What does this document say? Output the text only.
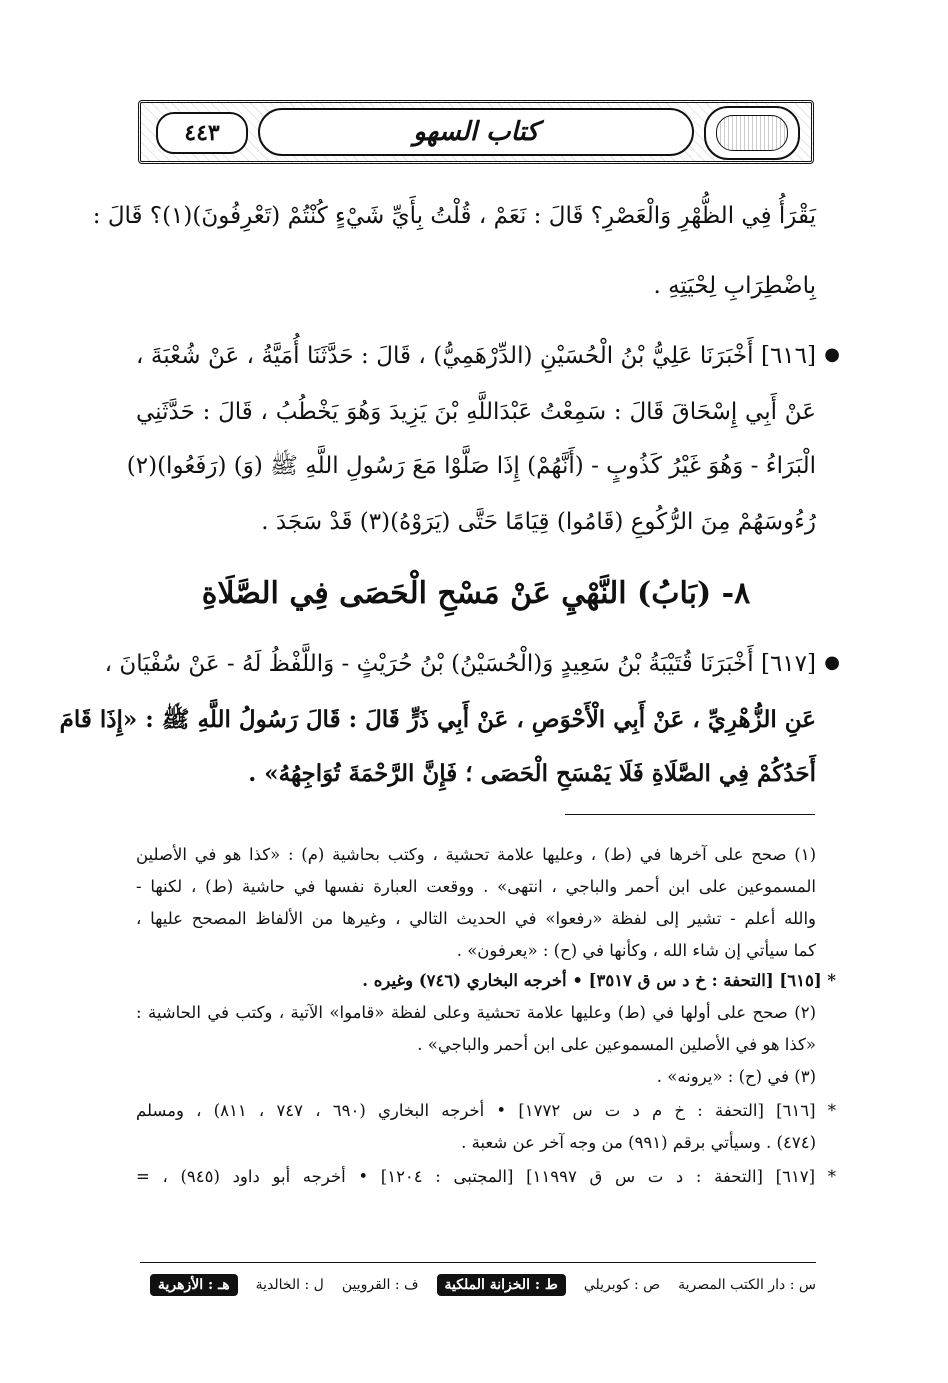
كتاب السهو
٤٤٣
يَقْرَأُ فِي الظُّهْرِ وَالْعَصْرِ؟ قَالَ : نَعَمْ ، قُلْتُ بِأَيِّ شَيْءٍ كُنْتُمْ (تَعْرِفُونَ)(١)؟ قَالَ :
بِاضْطِرَابِ لِحْيَتِهِ .
●
[٦١٦] أَخْبَرَنَا عَلِيُّ بْنُ الْحُسَيْنِ (الدِّرْهَمِيُّ) ، قَالَ : حَدَّثَنَا أُمَيَّةُ ، عَنْ شُعْبَةَ ،
عَنْ أَبِي إِسْحَاقَ قَالَ : سَمِعْتُ عَبْدَاللَّهِ بْنَ يَزِيدَ وَهُوَ يَخْطُبُ ، قَالَ : حَدَّثَنِي
الْبَرَاءُ - وَهُوَ غَيْرُ كَذُوبٍ - (أَنَّهُمْ) إِذَا صَلَّوْا مَعَ رَسُولِ اللَّهِ ﷺ (وَ) (رَفَعُوا)(٢)
رُءُوسَهُمْ مِنَ الرُّكُوعِ (قَامُوا) قِيَامًا حَتَّى (يَرَوْهُ)(٣) قَدْ سَجَدَ .
٨- (بَابُ) النَّهْيِ عَنْ مَسْحِ الْحَصَى فِي الصَّلَاةِ
●
[٦١٧] أَخْبَرَنَا قُتَيْبَةُ بْنُ سَعِيدٍ وَ(الْحُسَيْنُ) بْنُ حُرَيْثٍ - وَاللَّفْظُ لَهُ - عَنْ سُفْيَانَ ،
عَنِ الزُّهْرِيِّ ، عَنْ أَبِي الْأَحْوَصِ ، عَنْ أَبِي ذَرٍّ قَالَ : قَالَ رَسُولُ اللَّهِ ﷺ : «إِذَا قَامَ
أَحَدُكُمْ فِي الصَّلَاةِ فَلَا يَمْسَحِ الْحَصَى ؛ فَإِنَّ الرَّحْمَةَ تُوَاجِهُهُ» .
(١) صحح على آخرها في (ط) ، وعليها علامة تحشية ، وكتب بحاشية (م) : «كذا هو في الأصلين
المسموعين على ابن أحمر والباجي ، انتهى» . ووقعت العبارة نفسها في حاشية (ط) ، لكنها -
والله أعلم - تشير إلى لفظة «رفعوا» في الحديث التالي ، وغيرها من الألفاظ المصحح عليها ،
كما سيأتي إن شاء الله ، وكأنها في (ح) : «يعرفون» .
* [٦١٥] [التحفة : خ د س ق ٣٥١٧] • أخرجه البخاري (٧٤٦) وغيره .
(٢) صحح على أولها في (ط) وعليها علامة تحشية وعلى لفظة «قاموا» الآتية ، وكتب في الحاشية :
«كذا هو في الأصلين المسموعين على ابن أحمر والباجي» .
(٣) في (ح) : «يرونه» .
* [٦١٦] [التحفة : خ م د ت س ١٧٧٢] • أخرجه البخاري (٦٩٠ ، ٧٤٧ ، ٨١١) ، ومسلم
(٤٧٤) . وسيأتي برقم (٩٩١) من وجه آخر عن شعبة .
* [٦١٧] [التحفة : د ت س ق ١١٩٩٧] [المجتبى : ١٢٠٤] • أخرجه أبو داود (٩٤٥) ، =
س : دار الكتب المصرية
ص : كوبريلي
ط : الخزانة الملكية
ف : القرويين
ل : الخالدية
هـ : الأزهرية
